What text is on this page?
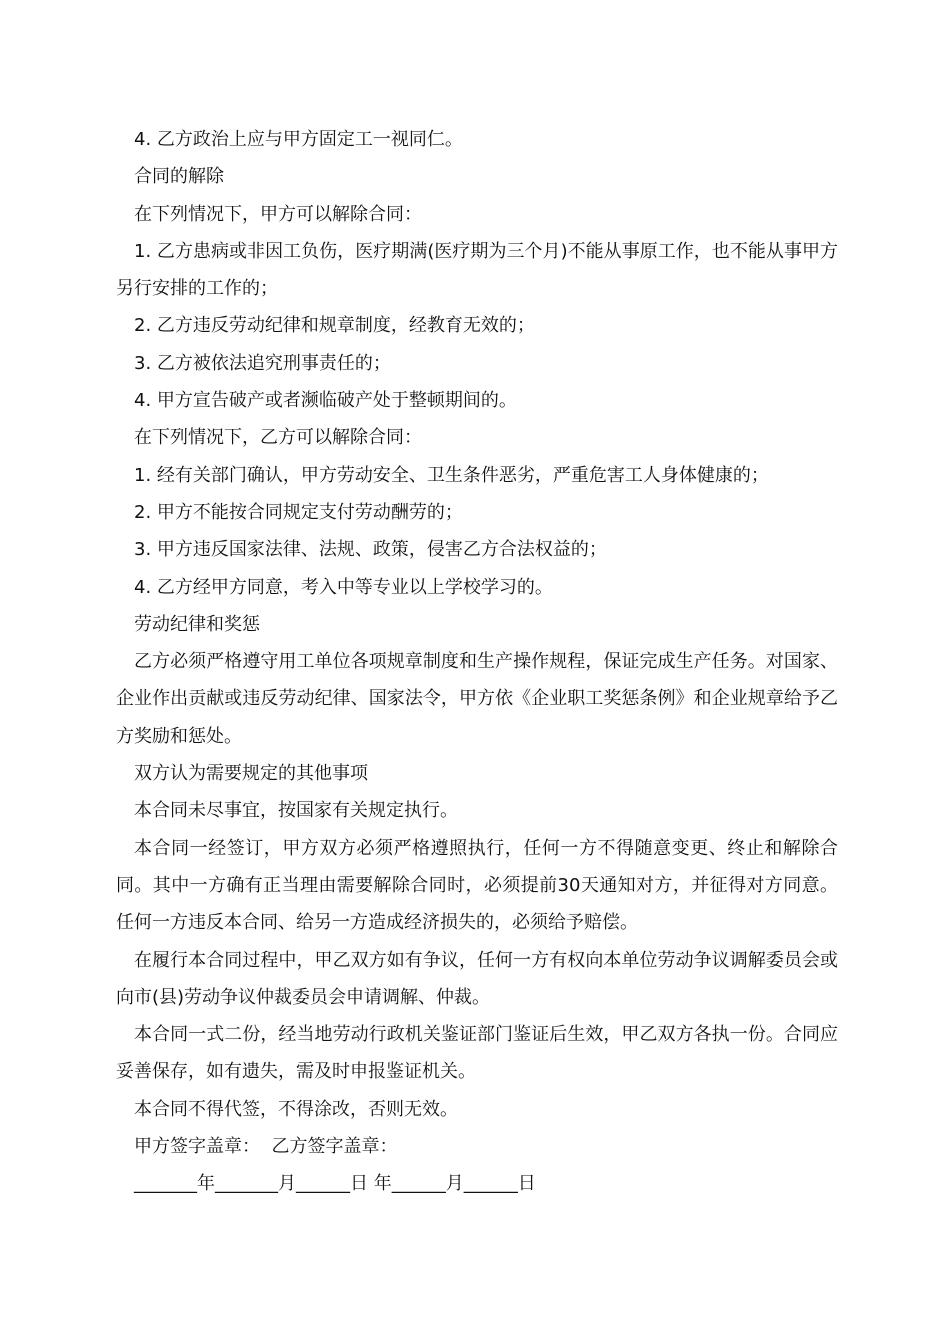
4. 乙方政治上应与甲方固定工一视同仁。

合同的解除

在下列情况下，甲方可以解除合同：

1. 乙方患病或非因工负伤，医疗期满(医疗期为三个月)不能从事原工作，也不能从事甲方另行安排的工作的；

2. 乙方违反劳动纪律和规章制度，经教育无效的；

3. 乙方被依法追究刑事责任的；

4. 甲方宣告破产或者濒临破产处于整顿期间的。

在下列情况下，乙方可以解除合同：

1. 经有关部门确认，甲方劳动安全、卫生条件恶劣，严重危害工人身体健康的；

2. 甲方不能按合同规定支付劳动酬劳的；

3. 甲方违反国家法律、法规、政策，侵害乙方合法权益的；

4. 乙方经甲方同意，考入中等专业以上学校学习的。

劳动纪律和奖惩

乙方必须严格遵守用工单位各项规章制度和生产操作规程，保证完成生产任务。对国家、企业作出贡献或违反劳动纪律、国家法令，甲方依《企业职工奖惩条例》和企业规章给予乙方奖励和惩处。

双方认为需要规定的其他事项

本合同未尽事宜，按国家有关规定执行。

本合同一经签订，甲方双方必须严格遵照执行，任何一方不得随意变更、终止和解除合同。其中一方确有正当理由需要解除合同时，必须提前30天通知对方，并征得对方同意。任何一方违反本合同、给另一方造成经济损失的，必须给予赔偿。

在履行本合同过程中，甲乙双方如有争议，任何一方有权向本单位劳动争议调解委员会或向市(县)劳动争议仲裁委员会申请调解、仲裁。

本合同一式二份，经当地劳动行政机关鉴证部门鉴证后生效，甲乙双方各执一份。合同应妥善保存，如有遗失，需及时申报鉴证机关。

本合同不得代签，不得涂改，否则无效。

甲方签字盖章：  乙方签字盖章：

_______年_______月______日 年______月______日
